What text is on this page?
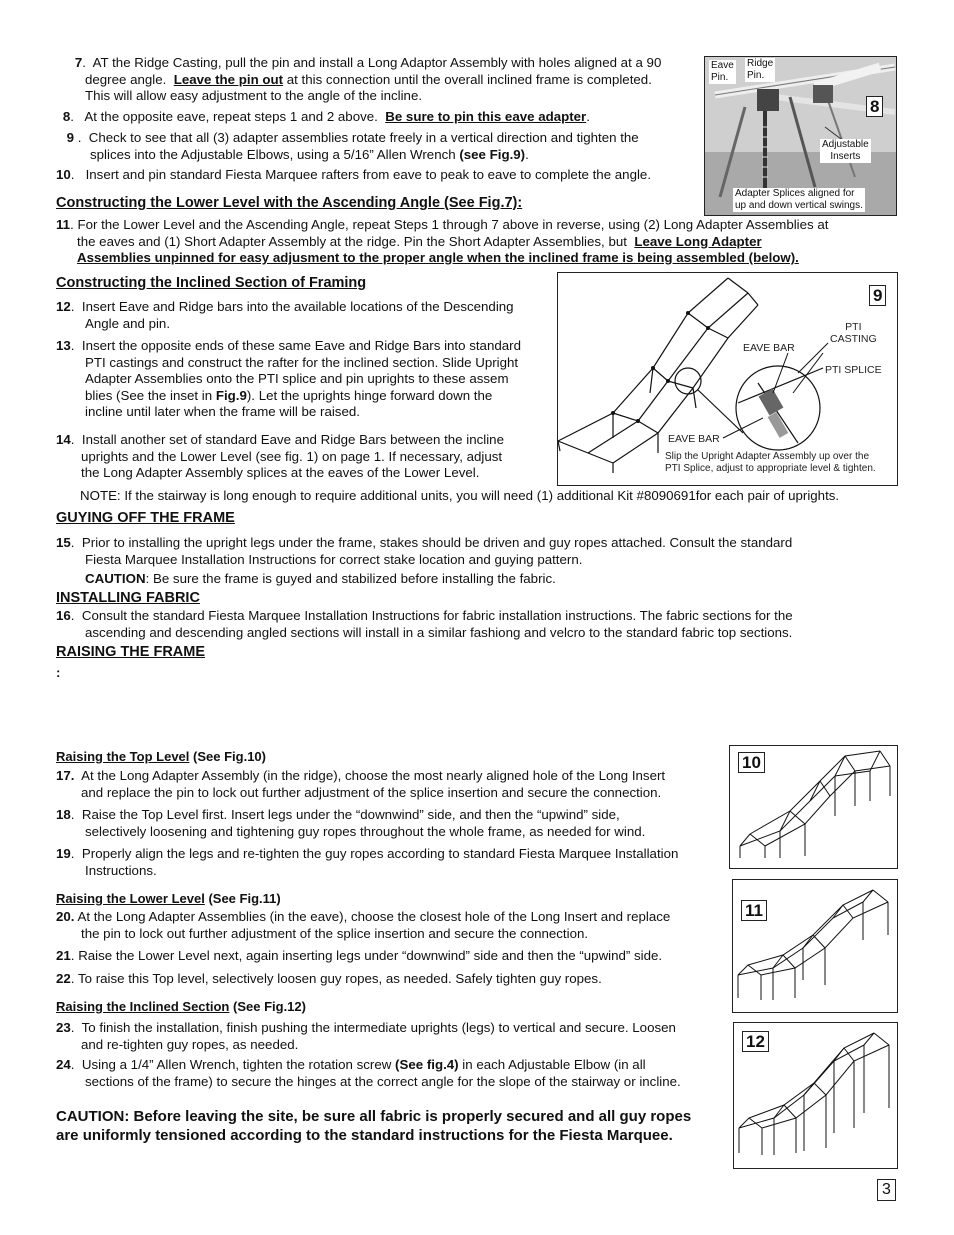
7. AT the Ridge Casting, pull the pin and install a Long Adaptor Assembly with holes aligned at a 90
degree angle. Leave the pin out at this connection until the overall inclined frame is completed.
This will allow easy adjustment to the angle of the incline.
8. At the opposite eave, repeat steps 1 and 2 above. Be sure to pin this eave adapter.
9 .  Check to see that all (3) adapter assemblies rotate freely in a vertical direction and tighten the
splices into the Adjustable Elbows, using a 5/16” Allen Wrench (see Fig.9).
10.   Insert and pin standard Fiesta Marquee rafters from eave to peak to eave to complete the angle.
8
Eave
Pin.
Ridge
Pin.
Adjustable
Inserts
Adapter Splices aligned for
up and down vertical swings.
Constructing the Lower Level with the Ascending Angle (See Fig.7):
11. For the Lower Level and the Ascending Angle, repeat Steps 1 through 7 above in reverse, using (2) Long Adapter Assemblies at
the eaves and (1) Short Adapter Assembly at the ridge. Pin the Short Adapter Assemblies, but Leave Long Adapter
Assemblies unpinned for easy adjusment to the proper angle when the inclined frame is being assembled (below).
Constructing the Inclined Section of Framing
12.  Insert Eave and Ridge bars into the available locations of the Descending
Angle and pin.
13.  Insert the opposite ends of these same Eave and Ridge Bars into standard
PTI castings and construct the rafter for the inclined section. Slide Upright
Adapter Assemblies onto the PTI splice and pin uprights to these assem
blies (See the inset in Fig.9). Let the uprights hinge forward down the
incline until later when the frame will be raised.
14.  Install another set of standard Eave and Ridge Bars between the incline
uprights and the Lower Level (see fig. 1) on page 1. If necessary, adjust
the Long Adapter Assembly splices at the eaves of the Lower Level.
9
PTI
CASTING
EAVE BAR
PTI SPLICE
EAVE BAR
Slip the Upright Adapter Assembly up over the
PTI Splice, adjust to appropriate level & tighten.
NOTE: If the stairway is long enough to require additional units, you will need (1) additional Kit #8090691for each pair of uprights.
GUYING OFF THE FRAME
15.  Prior to installing the upright legs under the frame, stakes should be driven and guy ropes attached. Consult the standard
Fiesta Marquee Installation Instructions for correct stake location and guying pattern.
CAUTION: Be sure the frame is guyed and stabilized before installing the fabric.
INSTALLING FABRIC
16.  Consult the standard Fiesta Marquee Installation Instructions for fabric installation instructions. The fabric sections for the
ascending and descending angled sections will install in a similar fashiong and velcro to the standard fabric top sections.
RAISING THE FRAME
:
Raising the Top Level (See Fig.10)
17. At the Long Adapter Assembly (in the ridge), choose the most nearly aligned hole of the Long Insert
and replace the pin to lock out further adjustment of the splice insertion and secure the connection.
18.  Raise the Top Level first. Insert legs under the “downwind” side, and then the “upwind” side,
selectively loosening and tightening guy ropes throughout the whole frame, as needed for wind.
19.  Properly align the legs and re-tighten the guy ropes according to standard Fiesta Marquee Installation
Instructions.
Raising the Lower Level (See Fig.11)
20. At the Long Adapter Assemblies (in the eave), choose the closest hole of the Long Insert and replace
the pin to lock out further adjustment of the splice insertion and secure the connection.
21. Raise the Lower Level next, again inserting legs under “downwind” side and then the “upwind” side.
22. To raise this Top level, selectively loosen guy ropes, as needed. Safely tighten guy ropes.
Raising the Inclined Section (See Fig.12)
23.  To finish the installation, finish pushing the intermediate uprights (legs) to vertical and secure. Loosen
and re-tighten guy ropes, as needed.
24.  Using a 1/4” Allen Wrench, tighten the rotation screw (See fig.4) in each Adjustable Elbow (in all
sections of the frame) to secure the hinges at the correct angle for the slope of the stairway or incline.
CAUTION: Before leaving the site, be sure all fabric is properly secured and all guy ropes
are uniformly tensioned according to the standard instructions for the Fiesta Marquee.
10
11
12
3
